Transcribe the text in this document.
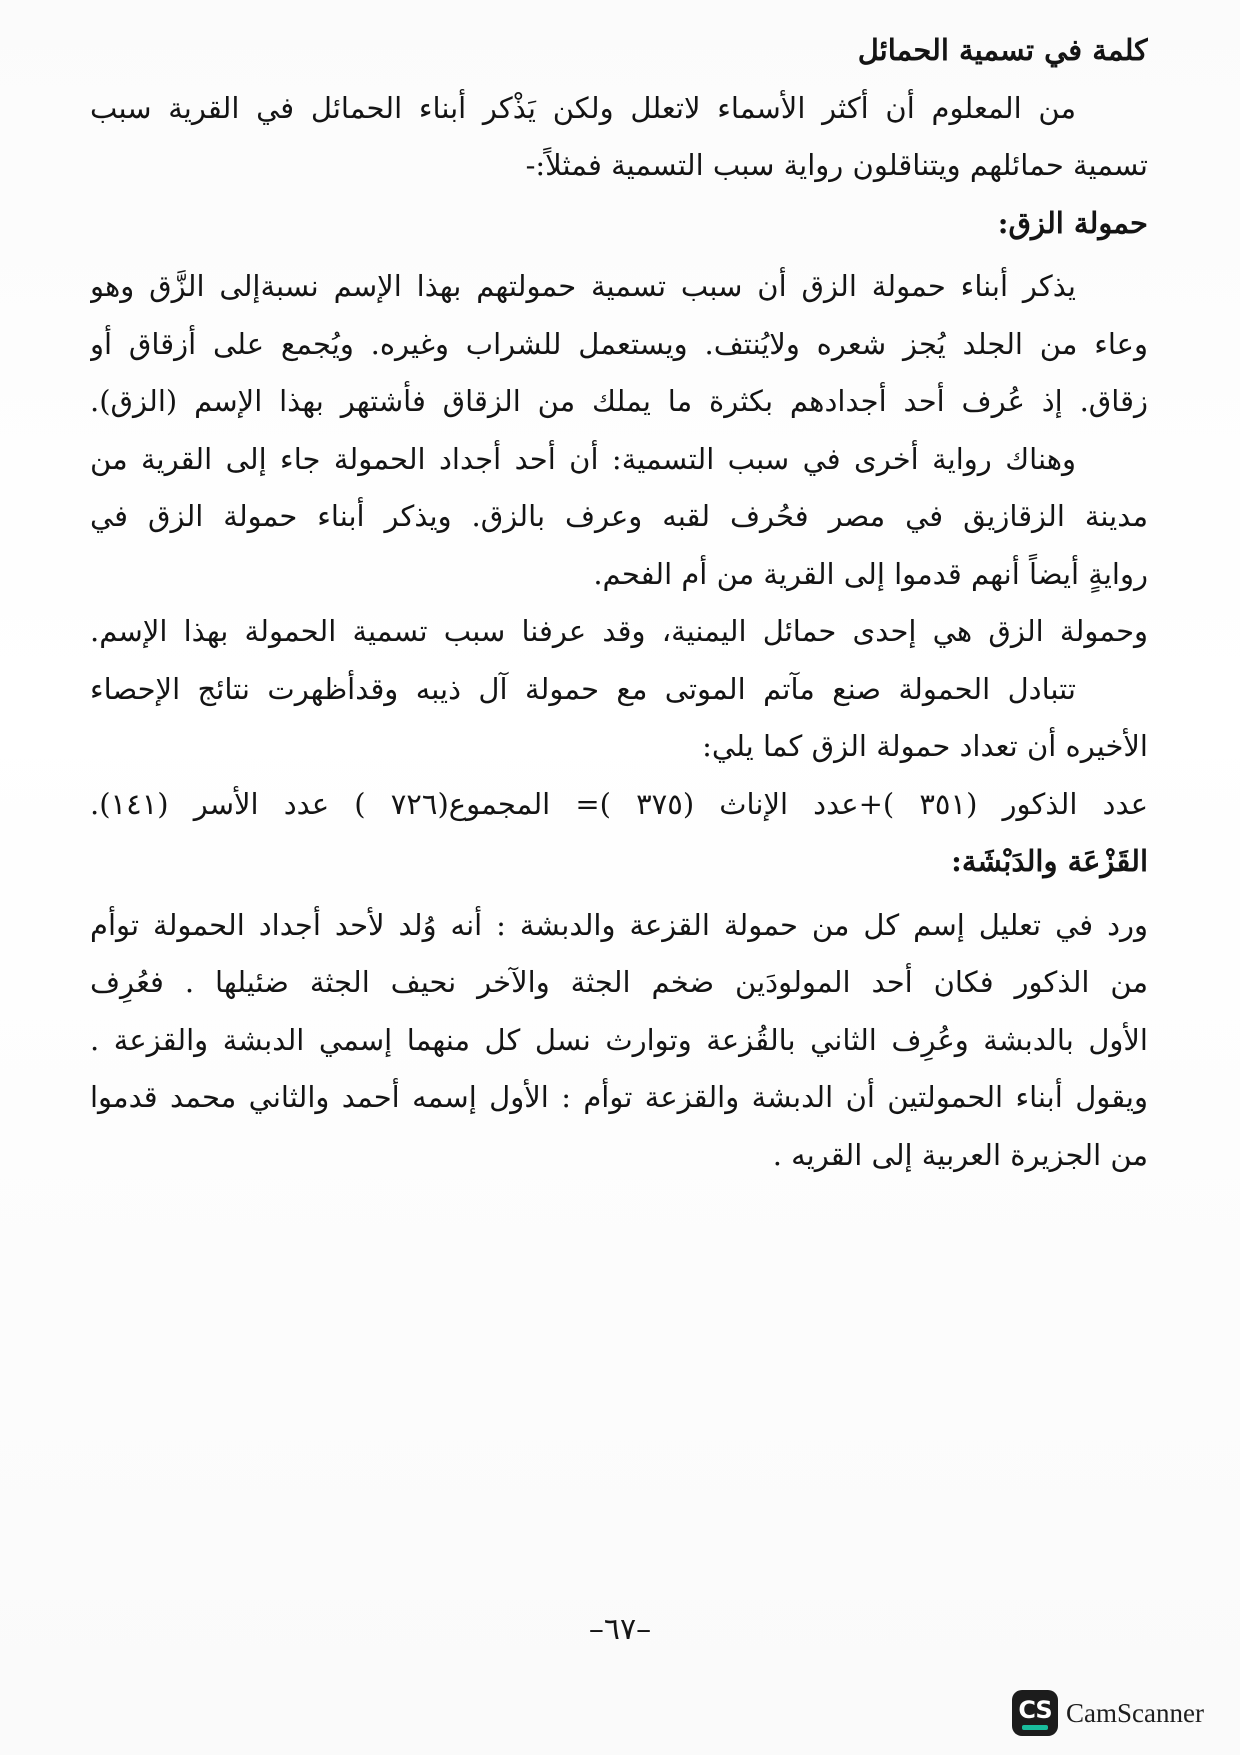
كلمة في تسمية الحمائل
من المعلوم أن أكثر الأسماء لاتعلل ولكن يَذْكر أبناء الحمائل في القرية سبب
تسمية حمائلهم ويتناقلون رواية سبب التسمية فمثلاً:-
حمولة الزق:
يذكر أبناء حمولة الزق أن سبب تسمية حمولتهم بهذا الإسم نسبةإلى الزَّق وهو
وعاء من الجلد يُجز شعره ولايُنتف. ويستعمل للشراب وغيره. ويُجمع على أزقاق أو
زقاق. إذ عُرف أحد أجدادهم بكثرة ما يملك من الزقاق فأشتهر بهذا الإسم (الزق).
وهناك رواية أخرى في سبب التسمية: أن أحد أجداد الحمولة جاء إلى القرية من
مدينة الزقازيق في مصر فحُرف لقبه وعرف بالزق. ويذكر أبناء حمولة الزق في
روايةٍ أيضاً أنهم قدموا إلى القرية من أم الفحم.
وحمولة الزق هي إحدى حمائل اليمنية، وقد عرفنا سبب تسمية الحمولة بهذا الإسم.
تتبادل الحمولة صنع مآتم الموتى مع حمولة آل ذيبه وقدأظهرت نتائج الإحصاء
الأخيره أن تعداد حمولة الزق كما يلي:
عدد الذكور (٣٥١ )+عدد الإناث (٣٧٥ )= المجموع(٧٢٦ ) عدد الأسر (١٤١).
القَزْعَة والدَبْشَة:
ورد في تعليل إسم كل من حمولة القزعة والدبشة : أنه وُلد لأحد أجداد الحمولة توأم
من الذكور فكان أحد المولودَين ضخم الجثة والآخر نحيف الجثة ضئيلها . فعُرِف
الأول بالدبشة وعُرِف الثاني بالقُزعة وتوارث نسل كل منهما إسمي الدبشة والقزعة .
ويقول أبناء الحمولتين أن الدبشة والقزعة توأم : الأول إسمه أحمد والثاني محمد قدموا
من الجزيرة العربية إلى القريه .
–٦٧–
CS CamScanner
